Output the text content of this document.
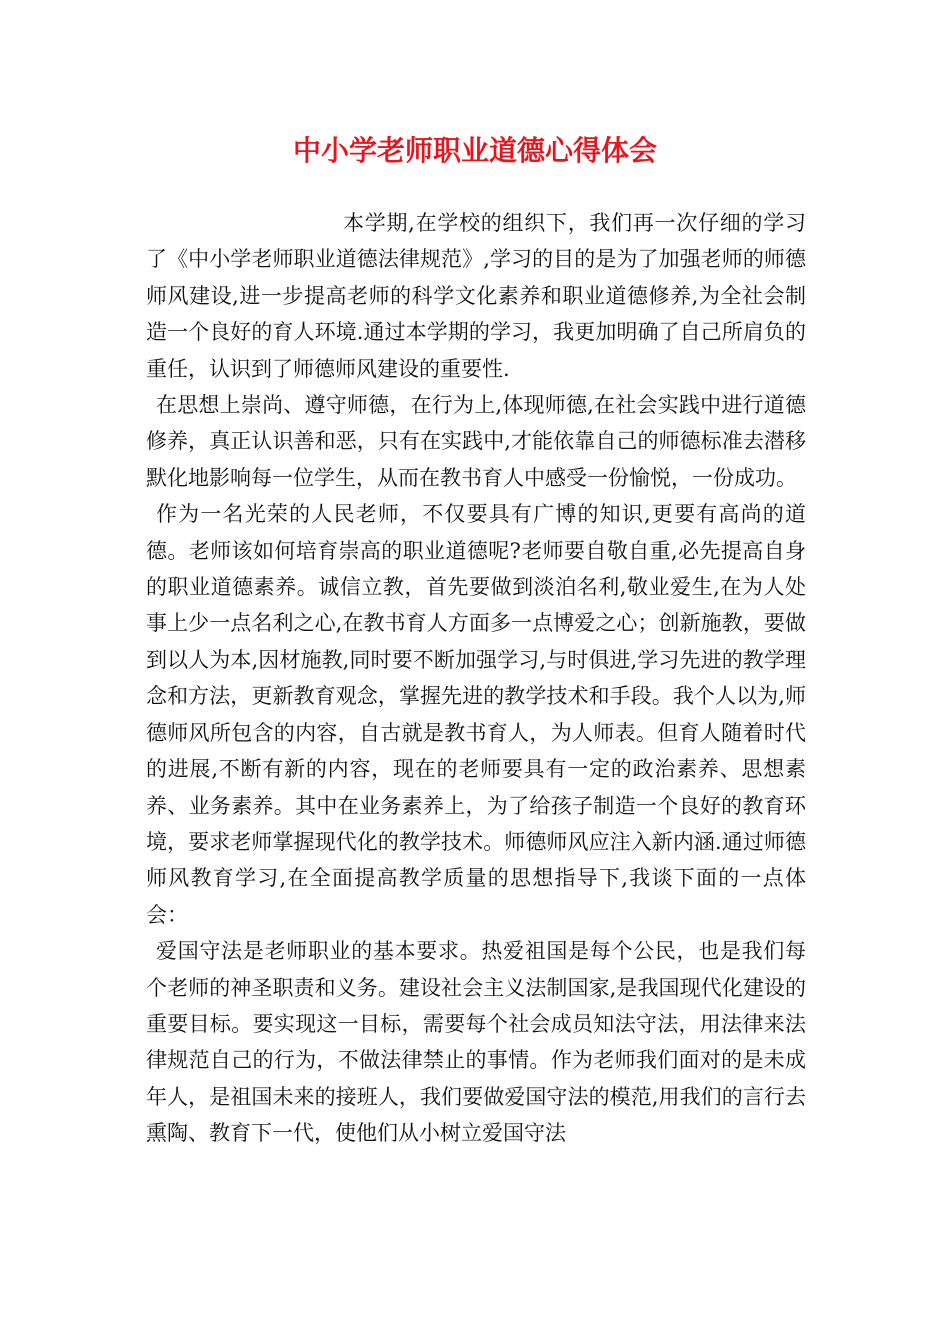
中小学老师职业道德心得体会

本学期,在学校的组织下，我们再一次仔细的学习了《中小学老师职业道德法律规范》,学习的目的是为了加强老师的师德师风建设,进一步提高老师的科学文化素养和职业道德修养,为全社会制造一个良好的育人环境.通过本学期的学习，我更加明确了自己所肩负的重任，认识到了师德师风建设的重要性.

在思想上崇尚、遵守师德，在行为上,体现师德,在社会实践中进行道德修养，真正认识善和恶，只有在实践中,才能依靠自己的师德标准去潜移默化地影响每一位学生，从而在教书育人中感受一份愉悦，一份成功。

作为一名光荣的人民老师，不仅要具有广博的知识,更要有高尚的道德。老师该如何培育崇高的职业道德呢?老师要自敬自重,必先提高自身的职业道德素养。诚信立教，首先要做到淡泊名利,敬业爱生,在为人处事上少一点名利之心,在教书育人方面多一点博爱之心；创新施教，要做到以人为本,因材施教,同时要不断加强学习,与时俱进,学习先进的教学理念和方法，更新教育观念，掌握先进的教学技术和手段。我个人以为,师德师风所包含的内容，自古就是教书育人，为人师表。但育人随着时代的进展,不断有新的内容，现在的老师要具有一定的政治素养、思想素养、业务素养。其中在业务素养上，为了给孩子制造一个良好的教育环境，要求老师掌握现代化的教学技术。师德师风应注入新内涵.通过师德师风教育学习,在全面提高教学质量的思想指导下,我谈下面的一点体会：

爱国守法是老师职业的基本要求。热爱祖国是每个公民，也是我们每个老师的神圣职责和义务。建设社会主义法制国家,是我国现代化建设的重要目标。要实现这一目标，需要每个社会成员知法守法，用法律来法律规范自己的行为，不做法律禁止的事情。作为老师我们面对的是未成年人，是祖国未来的接班人，我们要做爱国守法的模范,用我们的言行去熏陶、教育下一代，使他们从小树立爱国守法
